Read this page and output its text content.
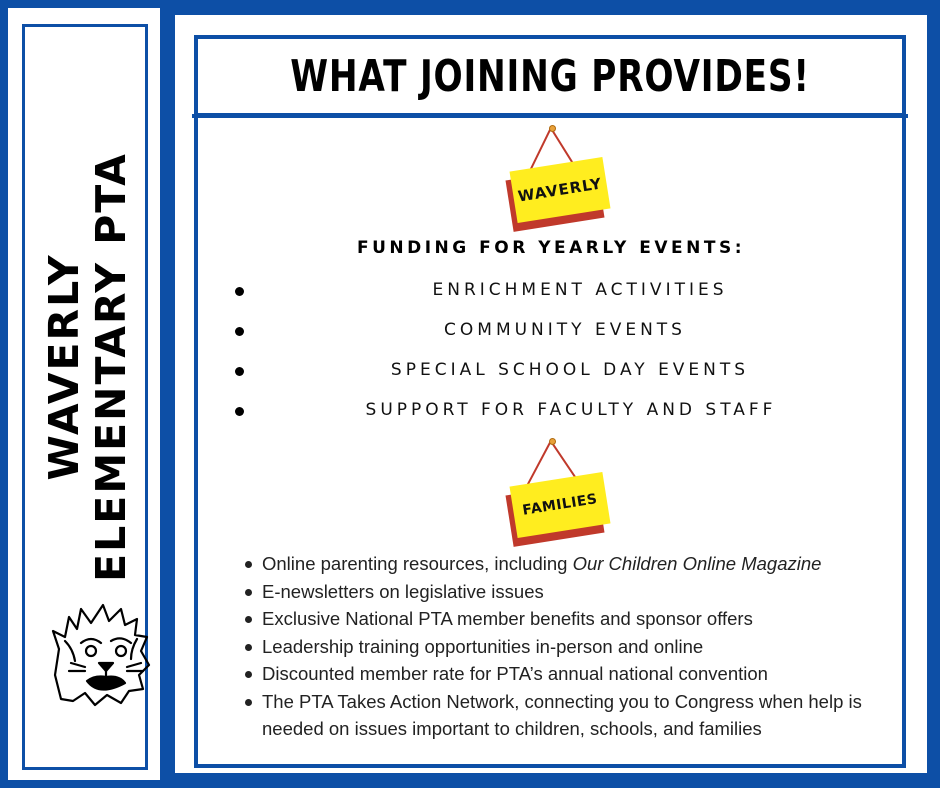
WAVERLY ELEMENTARY PTA
WHAT JOINING PROVIDES!
WAVERLY
FUNDING FOR YEARLY EVENTS:
ENRICHMENT ACTIVITIES
COMMUNITY EVENTS
SPECIAL SCHOOL DAY EVENTS
SUPPORT FOR FACULTY AND STAFF
FAMILIES
Online parenting resources, including Our Children Online Magazine
E-newsletters on legislative issues
Exclusive National PTA member benefits and sponsor offers
Leadership training opportunities in-person and online
Discounted member rate for PTA’s annual national convention
The PTA Takes Action Network, connecting you to Congress when help is needed on issues important to children, schools, and families
